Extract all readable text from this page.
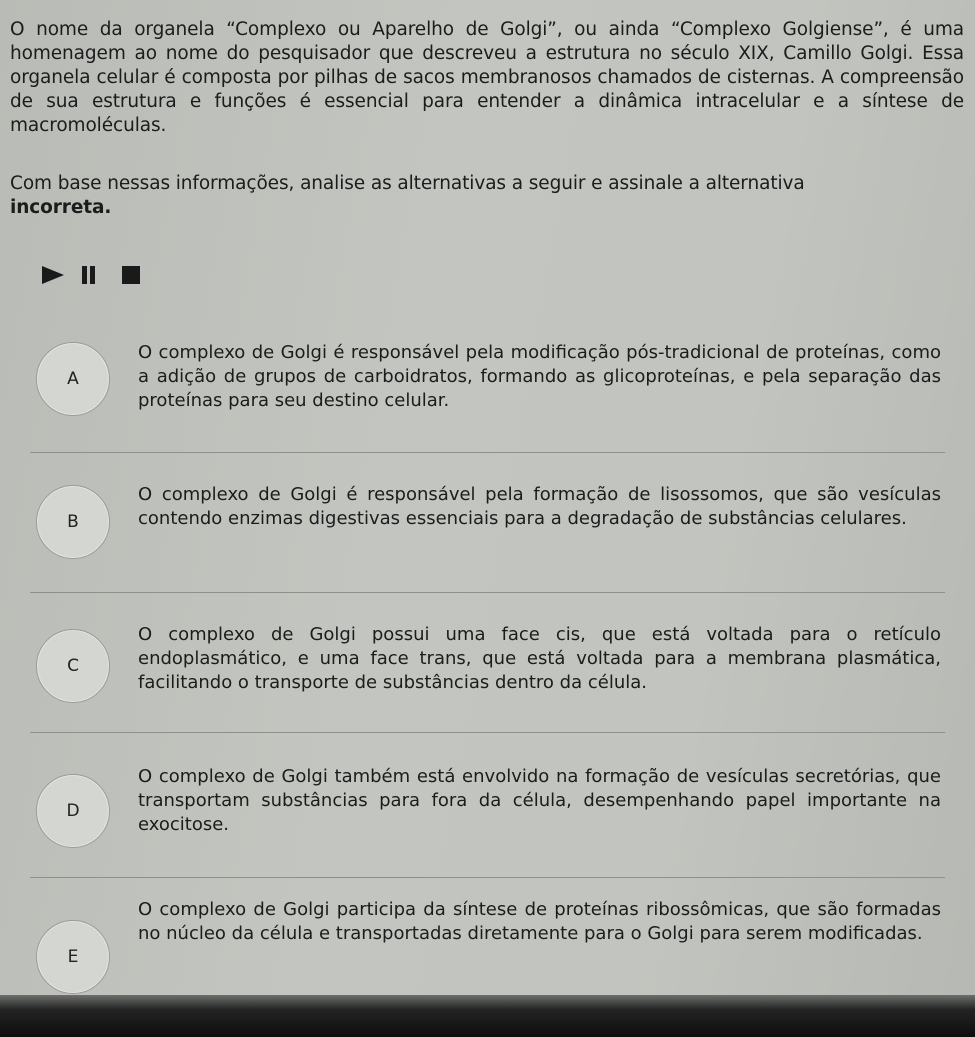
O nome da organela “Complexo ou Aparelho de Golgi”, ou ainda “Complexo Golgiense”, é uma homenagem ao nome do pesquisador que descreveu a estrutura no século XIX, Camillo Golgi. Essa organela celular é composta por pilhas de sacos membranosos chamados de cisternas. A compreensão de sua estrutura e funções é essencial para entender a dinâmica intracelular e a síntese de macromoléculas.

Com base nessas informações, analise as alternativas a seguir e assinale a alternativa
incorreta.

A
O complexo de Golgi é responsável pela modificação pós-tradicional de proteínas, como a adição de grupos de carboidratos, formando as glicoproteínas, e pela separação das proteínas para seu destino celular.
B
O complexo de Golgi é responsável pela formação de lisossomos, que são vesículas contendo enzimas digestivas essenciais para a degradação de substâncias celulares.
C
O complexo de Golgi possui uma face cis, que está voltada para o retículo endoplasmático, e uma face trans, que está voltada para a membrana plasmática, facilitando o transporte de substâncias dentro da célula.
D
O complexo de Golgi também está envolvido na formação de vesículas secretórias, que transportam substâncias para fora da célula, desempenhando papel importante na exocitose.
E
O complexo de Golgi participa da síntese de proteínas ribossômicas, que são formadas no núcleo da célula e transportadas diretamente para o Golgi para serem modificadas.
